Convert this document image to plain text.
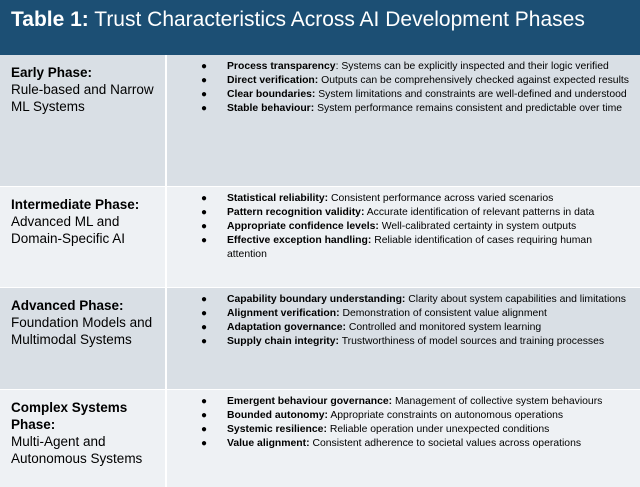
Table 1: Trust Characteristics Across AI Development Phases
Early Phase:
Rule-based and Narrow ML Systems
● Process transparency: Systems can be explicitly inspected and their logic verified
● Direct verification: Outputs can be comprehensively checked against expected results
● Clear boundaries: System limitations and constraints are well-defined and understood
● Stable behaviour: System performance remains consistent and predictable over time
Intermediate Phase:
Advanced ML and Domain-Specific AI
● Statistical reliability: Consistent performance across varied scenarios
● Pattern recognition validity: Accurate identification of relevant patterns in data
● Appropriate confidence levels: Well-calibrated certainty in system outputs
● Effective exception handling: Reliable identification of cases requiring human attention
Advanced Phase:
Foundation Models and Multimodal Systems
● Capability boundary understanding: Clarity about system capabilities and limitations
● Alignment verification: Demonstration of consistent value alignment
● Adaptation governance: Controlled and monitored system learning
● Supply chain integrity: Trustworthiness of model sources and training processes
Complex Systems Phase:
Multi-Agent and Autonomous Systems
● Emergent behaviour governance: Management of collective system behaviours
● Bounded autonomy: Appropriate constraints on autonomous operations
● Systemic resilience: Reliable operation under unexpected conditions
● Value alignment: Consistent adherence to societal values across operations
